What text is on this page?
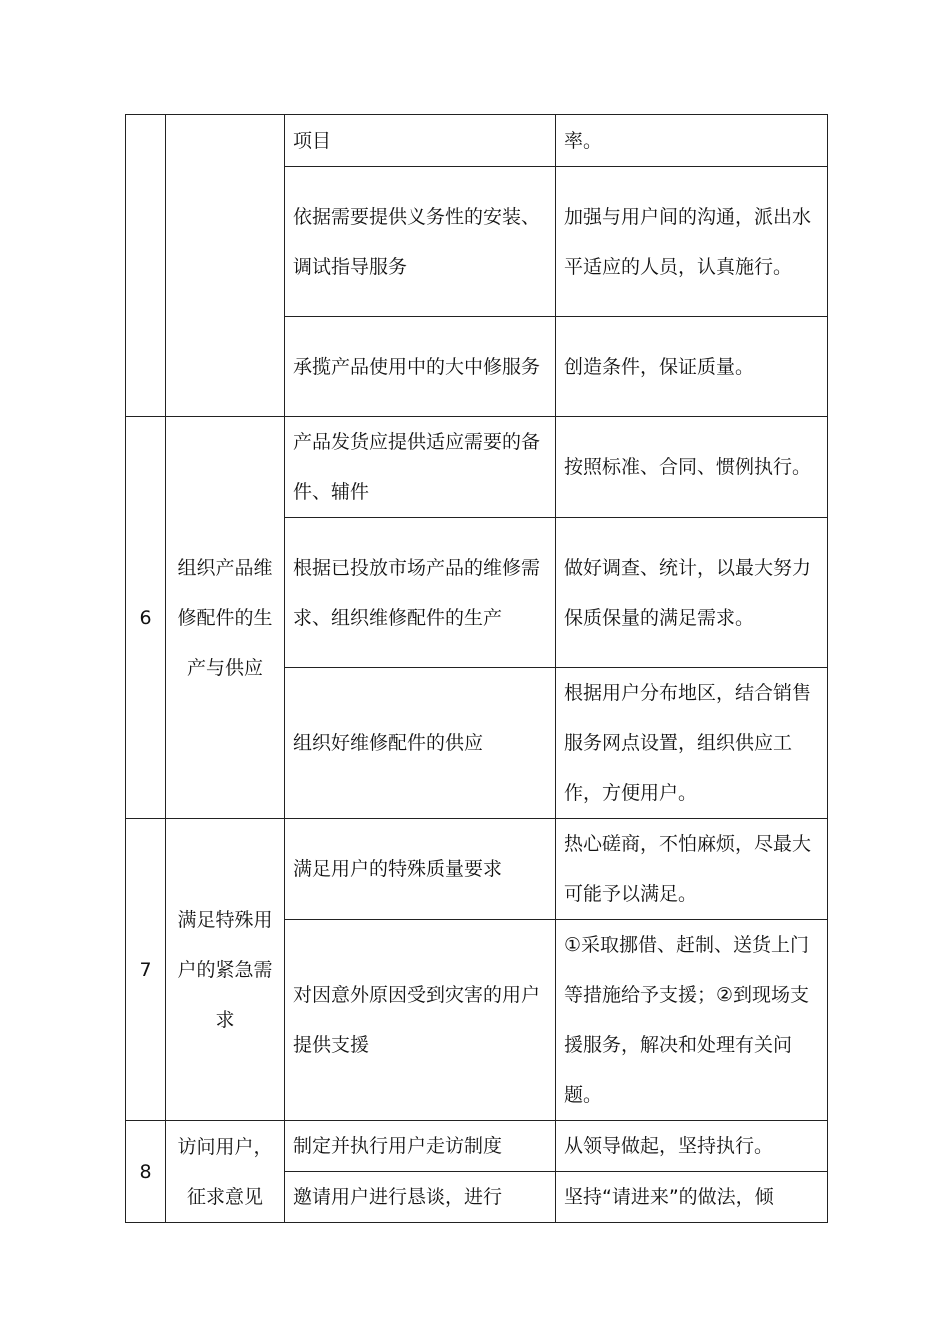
		项目	率。
		依据需要提供义务性的安装、调试指导服务	加强与用户间的沟通，派出水平适应的人员，认真施行。
		承揽产品使用中的大中修服务	创造条件，保证质量。
6	组织产品维修配件的生产与供应	产品发货应提供适应需要的备件、辅件	按照标准、合同、惯例执行。
		根据已投放市场产品的维修需求、组织维修配件的生产	做好调查、统计，以最大努力保质保量的满足需求。
		组织好维修配件的供应	根据用户分布地区，结合销售服务网点设置，组织供应工作，方便用户。
7	满足特殊用户的紧急需求	满足用户的特殊质量要求	热心磋商，不怕麻烦，尽最大可能予以满足。
		对因意外原因受到灾害的用户提供支援	①采取挪借、赶制、送货上门等措施给予支援；②到现场支援服务，解决和处理有关问题。
8	访问用户，征求意见	制定并执行用户走访制度	从领导做起，坚持执行。
		邀请用户进行恳谈，进行	坚持“请进来”的做法，倾
